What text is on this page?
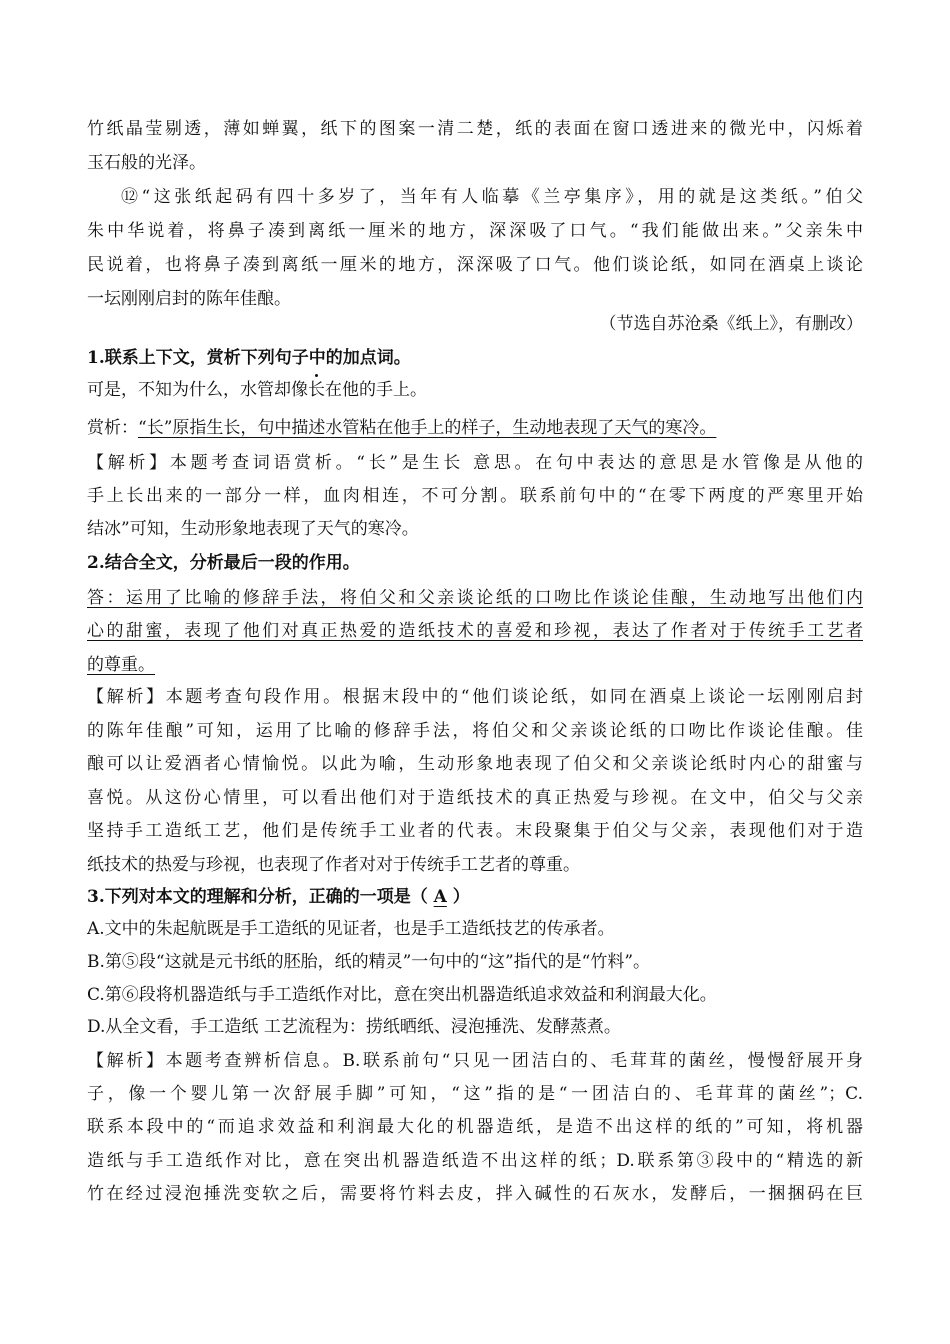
竹纸晶莹剔透，薄如蝉翼，纸下的图案一清二楚，纸的表面在窗口透进来的微光中，闪烁着
玉石般的光泽。
⑫“这张纸起码有四十多岁了，当年有人临摹《兰亭集序》，用的就是这类纸。”伯父
朱中华说着，将鼻子凑到离纸一厘米的地方，深深吸了口气。“我们能做出来。”父亲朱中
民说着，也将鼻子凑到离纸一厘米的地方，深深吸了口气。他们谈论纸，如同在酒桌上谈论
一坛刚刚启封的陈年佳酿。
（节选自苏沧桑《纸上》，有删改）
1.联系上下文，赏析下列句子中的加点词。
可是，不知为什么，水管却像长在他的手上。
赏析：“长”原指生长，句中描述水管粘在他手上的样子，生动地表现了天气的寒冷。
【解析】本题考查词语赏析。“长”是生长 意思。在句中表达的意思是水管像是从他的
手上长出来的一部分一样，血肉相连，不可分割。联系前句中的“在零下两度的严寒里开始
结冰”可知，生动形象地表现了天气的寒冷。
2.结合全文，分析最后一段的作用。
答：运用了比喻的修辞手法，将伯父和父亲谈论纸的口吻比作谈论佳酿，生动地写出他们内
心的甜蜜，表现了他们对真正热爱的造纸技术的喜爱和珍视，表达了作者对于传统手工艺者
的尊重。
【解析】本题考查句段作用。根据末段中的“他们谈论纸，如同在酒桌上谈论一坛刚刚启封
的陈年佳酿”可知，运用了比喻的修辞手法，将伯父和父亲谈论纸的口吻比作谈论佳酿。佳
酿可以让爱酒者心情愉悦。以此为喻，生动形象地表现了伯父和父亲谈论纸时内心的甜蜜与
喜悦。从这份心情里，可以看出他们对于造纸技术的真正热爱与珍视。在文中，伯父与父亲
坚持手工造纸工艺，他们是传统手工业者的代表。末段聚集于伯父与父亲，表现他们对于造
纸技术的热爱与珍视，也表现了作者对对于传统手工艺者的尊重。
3.下列对本文的理解和分析，正确的一项是（ A ）
A.文中的朱起航既是手工造纸的见证者，也是手工造纸技艺的传承者。
B.第⑤段“这就是元书纸的胚胎，纸的精灵”一句中的“这”指代的是“竹料”。
C.第⑥段将机器造纸与手工造纸作对比，意在突出机器造纸追求效益和利润最大化。
D.从全文看，手工造纸 工艺流程为：捞纸晒纸、浸泡捶洗、发酵蒸煮。
【解析】本题考查辨析信息。B.联系前句“只见一团洁白的、毛茸茸的菌丝，慢慢舒展开身
子，像一个婴儿第一次舒展手脚”可知，“这”指的是“一团洁白的、毛茸茸的菌丝”；C.
联系本段中的“而追求效益和利润最大化的机器造纸，是造不出这样的纸的”可知，将机器
造纸与手工造纸作对比，意在突出机器造纸造不出这样的纸；D.联系第③段中的“精选的新
竹在经过浸泡捶洗变软之后，需要将竹料去皮，拌入碱性的石灰水，发酵后，一捆捆码在巨
